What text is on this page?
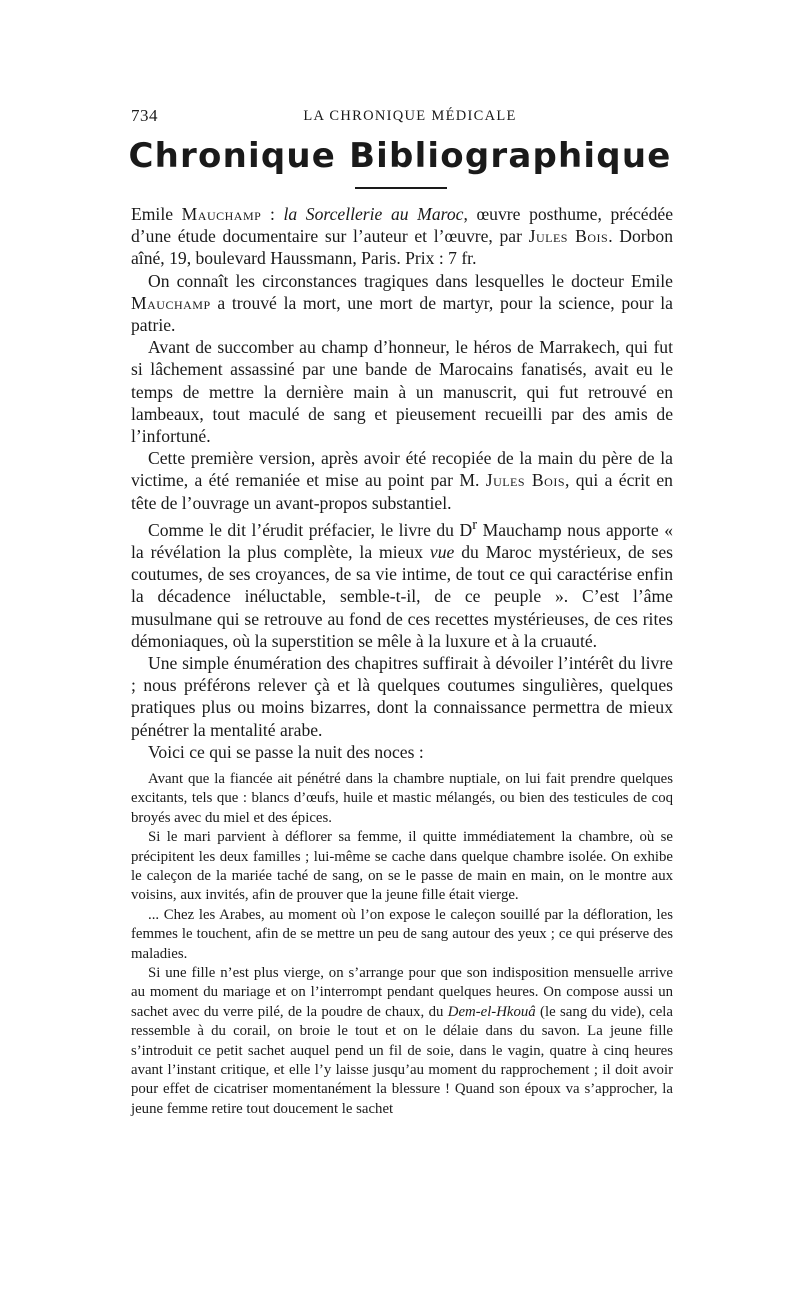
734	LA CHRONIQUE MÉDICALE
Chronique Bibliographique

Emile Mauchamp : la Sorcellerie au Maroc, œuvre posthume, précédée d’une étude documentaire sur l’auteur et l’œuvre, par Jules Bois. Dorbon aîné, 19, boulevard Haussmann, Paris. Prix : 7 fr.

On connaît les circonstances tragiques dans lesquelles le docteur Emile Mauchamp a trouvé la mort, une mort de martyr, pour la science, pour la patrie.

Avant de succomber au champ d’honneur, le héros de Marrakech, qui fut si lâchement assassiné par une bande de Marocains fanatisés, avait eu le temps de mettre la dernière main à un manuscrit, qui fut retrouvé en lambeaux, tout maculé de sang et pieusement recueilli par des amis de l’infortuné.

Cette première version, après avoir été recopiée de la main du père de la victime, a été remaniée et mise au point par M. Jules Bois, qui a écrit en tête de l’ouvrage un avant-propos substantiel.

Comme le dit l’érudit préfacier, le livre du $D^r$ Mauchamp nous apporte « la révélation la plus complète, la mieux vue du Maroc mystérieux, de ses coutumes, de ses croyances, de sa vie intime, de tout ce qui caractérise enfin la décadence inéluctable, semble-t-il, de ce peuple ». C’est l’âme musulmane qui se retrouve au fond de ces recettes mystérieuses, de ces rites démoniaques, où la superstition se mêle à la luxure et à la cruauté.

Une simple énumération des chapitres suffirait à dévoiler l’intérêt du livre ; nous préférons relever çà et là quelques coutumes singulières, quelques pratiques plus ou moins bizarres, dont la connaissance permettra de mieux pénétrer la mentalité arabe.

Voici ce qui se passe la nuit des noces :

Avant que la fiancée ait pénétré dans la chambre nuptiale, on lui fait prendre quelques excitants, tels que : blancs d’œufs, huile et mastic mélangés, ou bien des testicules de coq broyés avec du miel et des épices.

Si le mari parvient à déflorer sa femme, il quitte immédiatement la chambre, où se précipitent les deux familles ; lui-même se cache dans quelque chambre isolée. On exhibe le caleçon de la mariée taché de sang, on se le passe de main en main, on le montre aux voisins, aux invités, afin de prouver que la jeune fille était vierge.

... Chez les Arabes, au moment où l’on expose le caleçon souillé par la défloration, les femmes le touchent, afin de se mettre un peu de sang autour des yeux ; ce qui préserve des maladies.

Si une fille n’est plus vierge, on s’arrange pour que son indisposition mensuelle arrive au moment du mariage et on l’interrompt pendant quelques heures. On compose aussi un sachet avec du verre pilé, de la poudre de chaux, du Dem-el-Hkouâ (le sang du vide), cela ressemble à du corail, on broie le tout et on le délaie dans du savon. La jeune fille s’introduit ce petit sachet auquel pend un fil de soie, dans le vagin, quatre à cinq heures avant l’instant critique, et elle l’y laisse jusqu’au moment du rapprochement ; il doit avoir pour effet de cicatriser momentanément la blessure ! Quand son époux va s’approcher, la jeune femme retire tout doucement le sachet
